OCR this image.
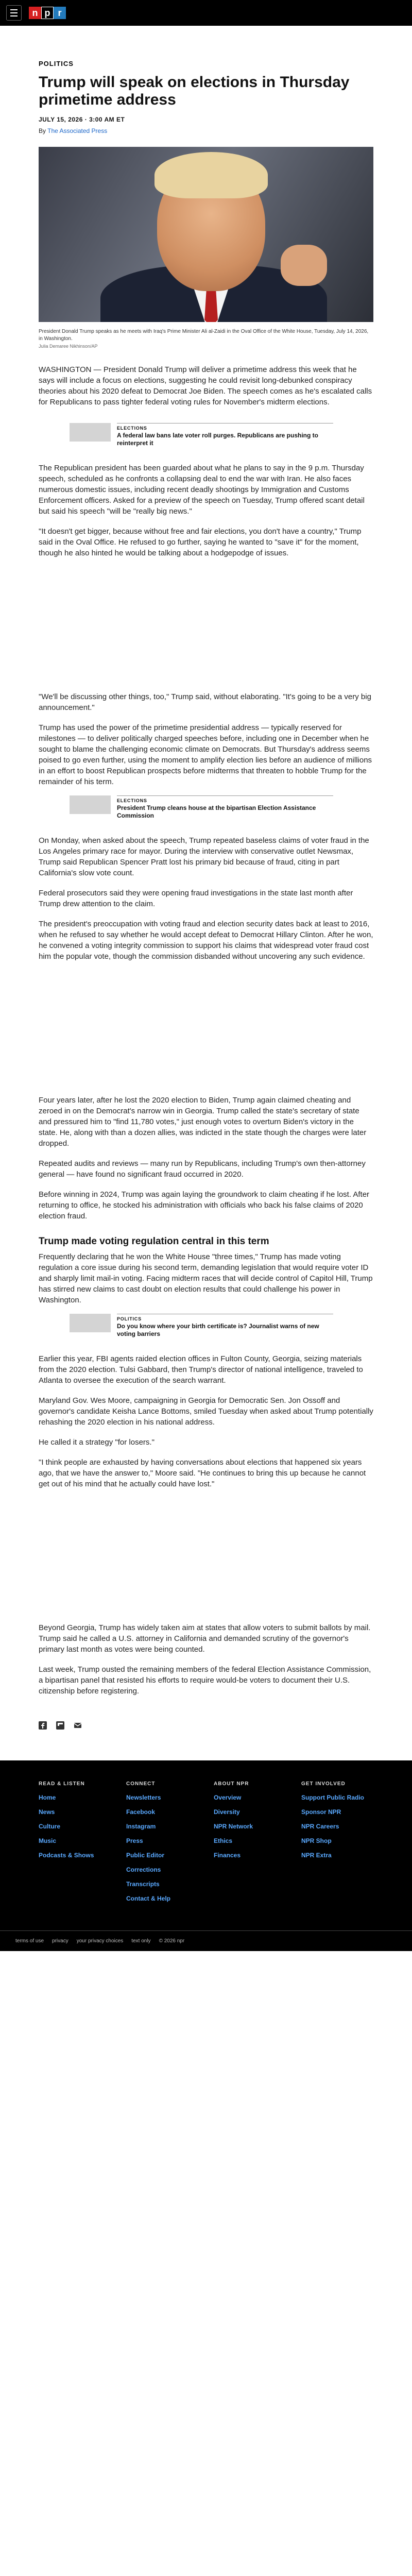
n p r
POLITICS
Trump will speak on elections in Thursday primetime address
JULY 15, 2026 · 3:00 AM ET
By The Associated Press
President Donald Trump speaks as he meets with Iraq's Prime Minister Ali al-Zaidi in the Oval Office of the White House, Tuesday, July 14, 2026, in Washington.
Julia Demaree Nikhinson/AP

WASHINGTON — President Donald Trump will deliver a primetime address this week that he says will include a focus on elections, suggesting he could revisit long-debunked conspiracy theories about his 2020 defeat to Democrat Joe Biden. The speech comes as he's escalated calls for Republicans to pass tighter federal voting rules for November's midterm elections.

ELECTIONS
A federal law bans late voter roll purges. Republicans are pushing to reinterpret it

The Republican president has been guarded about what he plans to say in the 9 p.m. Thursday speech, scheduled as he confronts a collapsing deal to end the war with Iran. He also faces numerous domestic issues, including recent deadly shootings by Immigration and Customs Enforcement officers. Asked for a preview of the speech on Tuesday, Trump offered scant detail but said his speech "will be "really big news."

"It doesn't get bigger, because without free and fair elections, you don't have a country," Trump said in the Oval Office. He refused to go further, saying he wanted to "save it" for the moment, though he also hinted he would be talking about a hodgepodge of issues.

"We'll be discussing other things, too," Trump said, without elaborating. "It's going to be a very big announcement."

Trump has used the power of the primetime presidential address — typically reserved for milestones — to deliver politically charged speeches before, including one in December when he sought to blame the challenging economic climate on Democrats. But Thursday's address seems poised to go even further, using the moment to amplify election lies before an audience of millions in an effort to boost Republican prospects before midterms that threaten to hobble Trump for the remainder of his term.

ELECTIONS
President Trump cleans house at the bipartisan Election Assistance Commission

On Monday, when asked about the speech, Trump repeated baseless claims of voter fraud in the Los Angeles primary race for mayor. During the interview with conservative outlet Newsmax, Trump said Republican Spencer Pratt lost his primary bid because of fraud, citing in part California's slow vote count.

Federal prosecutors said they were opening fraud investigations in the state last month after Trump drew attention to the claim.

The president's preoccupation with voting fraud and election security dates back at least to 2016, when he refused to say whether he would accept defeat to Democrat Hillary Clinton. After he won, he convened a voting integrity commission to support his claims that widespread voter fraud cost him the popular vote, though the commission disbanded without uncovering any such evidence.

Four years later, after he lost the 2020 election to Biden, Trump again claimed cheating and zeroed in on the Democrat's narrow win in Georgia. Trump called the state's secretary of state and pressured him to "find 11,780 votes," just enough votes to overturn Biden's victory in the state. He, along with than a dozen allies, was indicted in the state though the charges were later dropped.

Repeated audits and reviews — many run by Republicans, including Trump's own then-attorney general — have found no significant fraud occurred in 2020.

Before winning in 2024, Trump was again laying the groundwork to claim cheating if he lost. After returning to office, he stocked his administration with officials who back his false claims of 2020 election fraud.

Trump made voting regulation central in this term

Frequently declaring that he won the White House "three times," Trump has made voting regulation a core issue during his second term, demanding legislation that would require voter ID and sharply limit mail-in voting. Facing midterm races that will decide control of Capitol Hill, Trump has stirred new claims to cast doubt on election results that could challenge his power in Washington.

POLITICS
Do you know where your birth certificate is? Journalist warns of new voting barriers

Earlier this year, FBI agents raided election offices in Fulton County, Georgia, seizing materials from the 2020 election. Tulsi Gabbard, then Trump's director of national intelligence, traveled to Atlanta to oversee the execution of the search warrant.

Maryland Gov. Wes Moore, campaigning in Georgia for Democratic Sen. Jon Ossoff and governor's candidate Keisha Lance Bottoms, smiled Tuesday when asked about Trump potentially rehashing the 2020 election in his national address.

He called it a strategy "for losers."

"I think people are exhausted by having conversations about elections that happened six years ago, that we have the answer to," Moore said. "He continues to bring this up because he cannot get out of his mind that he actually could have lost."

Beyond Georgia, Trump has widely taken aim at states that allow voters to submit ballots by mail. Trump said he called a U.S. attorney in California and demanded scrutiny of the governor's primary last month as votes were being counted.

Last week, Trump ousted the remaining members of the federal Election Assistance Commission, a bipartisan panel that resisted his efforts to require would-be voters to document their U.S. citizenship before registering.

READ & LISTEN
Home
News
Culture
Music
Podcasts & Shows
CONNECT
Newsletters
Facebook
Instagram
Press
Public Editor
Corrections
Transcripts
Contact & Help
ABOUT NPR
Overview
Diversity
NPR Network
Ethics
Finances
GET INVOLVED
Support Public Radio
Sponsor NPR
NPR Careers
NPR Shop
NPR Extra
terms of use privacy your privacy choices text only © 2026 npr
